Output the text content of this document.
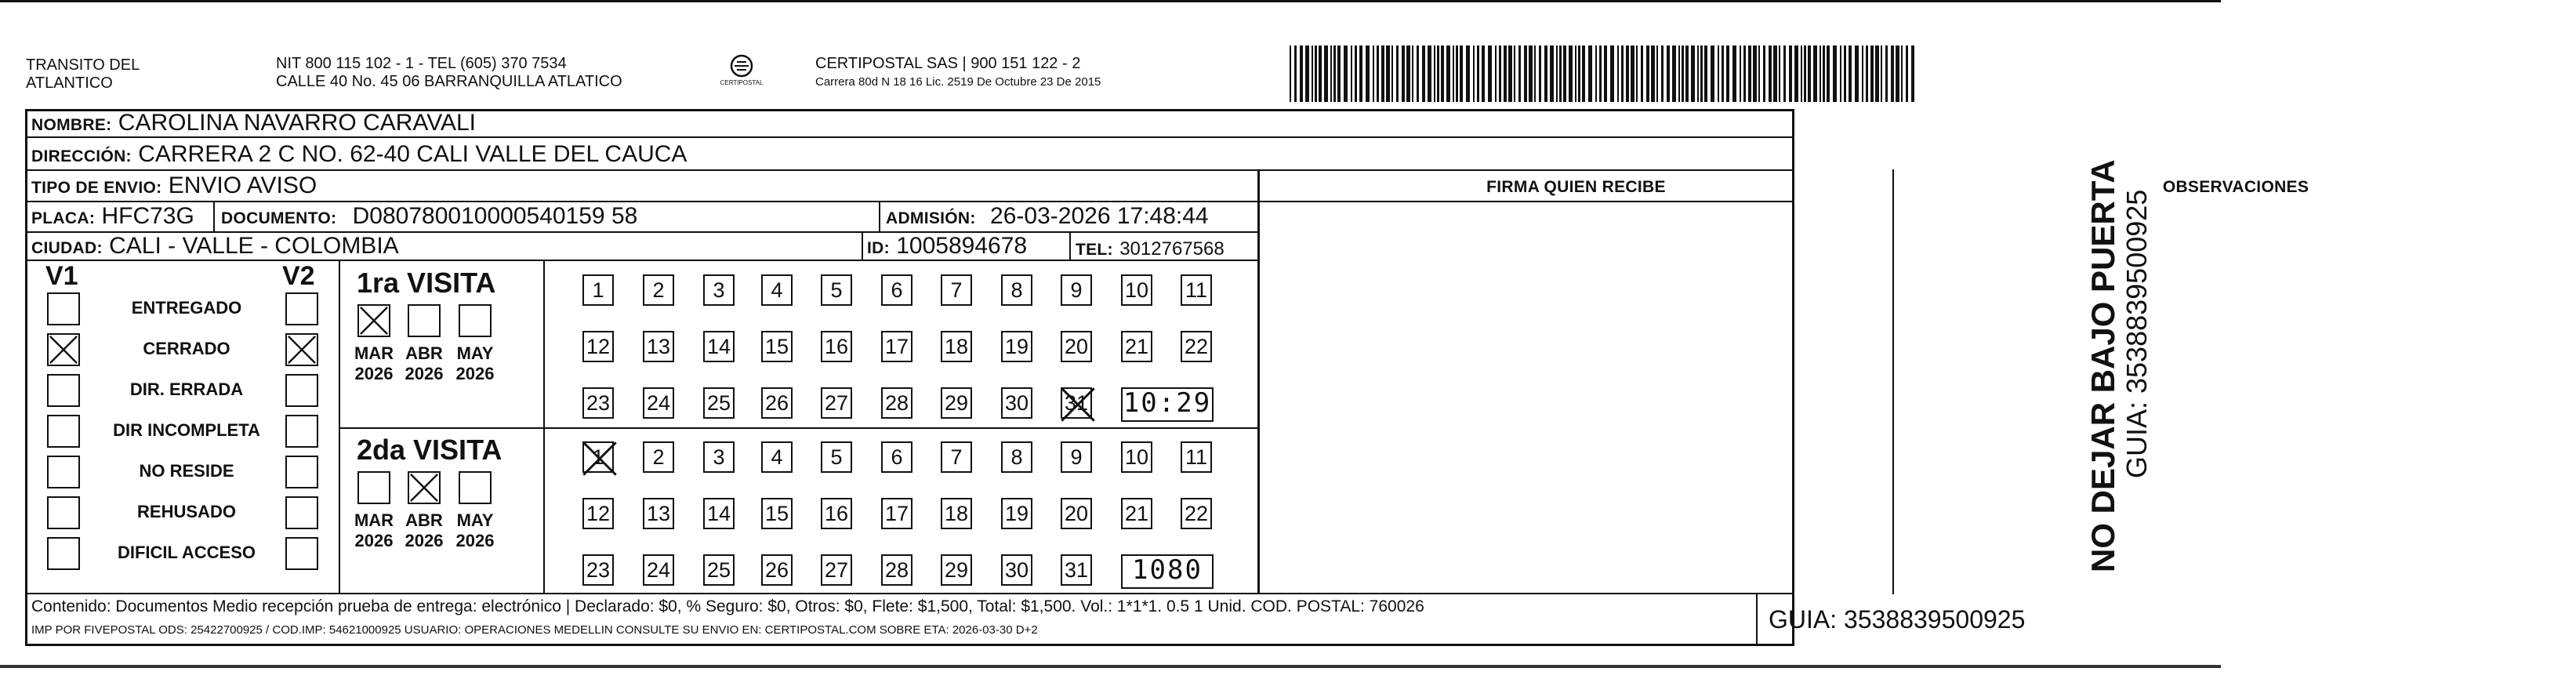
TRANSITO DEL
ATLANTICO
NIT 800 115 102 - 1 - TEL (605) 370 7534
CALLE 40 No. 45 06 BARRANQUILLA ATLATICO	CERTIPOSTAL
CERTIPOSTAL SAS | 900 151 122 - 2
Carrera 80d N 18 16 Lic. 2519 De Octubre 23 De 2015
NOMBRE: CAROLINA NAVARRO CARAVALI
DIRECCIÓN: CARRERA 2 C NO. 62-40 CALI VALLE DEL CAUCA
TIPO DE ENVIO: ENVIO AVISO
PLACA: HFC73G DOCUMENTO: D080780010000540159 58	ADMISIÓN: 26-03-2026 17:48:44
CIUDAD: CALI - VALLE - COLOMBIA	ID: 1005894678	TEL: 3012767568
FIRMA QUIEN RECIBE	OBSERVACIONES
V1	V2
ENTREGADO
CERRADO
DIR. ERRADA
DIR INCOMPLETA
NO RESIDE
REHUSADO
DIFICIL ACCESO
1ra VISITA
2da VISITA
1	2	3	4	5	6	7	8	9	10 11
12 13 14 15 16 17 18 19 20 21 22
23 24 25 26 27 28 29 30 31 10:29
MAR
2026
ABR
2026
MAY
2026
1	2	3	4	5	6	7	8	9	10 11
12 13 14 15 16 17 18 19 20 21 22
23 24 25 26 27 28 29 30 31	1080
MAR
2026
ABR
2026
MAY
2026
Contenido: Documentos Medio recepción prueba de entrega: electrónico | Declarado: $0, % Seguro: $0, Otros: $0, Flete: $1,500, Total: $1,500. Vol.: 1*1*1. 0.5 1 Unid. COD. POSTAL: 760026
IMP POR FIVEPOSTAL ODS: 25422700925 / COD.IMP: 54621000925 USUARIO: OPERACIONES MEDELLIN CONSULTE SU ENVIO EN: CERTIPOSTAL.COM SOBRE ETA: 2026-03-30 D+2	GUIA: 3538839500925
NO DEJAR BAJO PUERTA GUIA: 3538839500925
